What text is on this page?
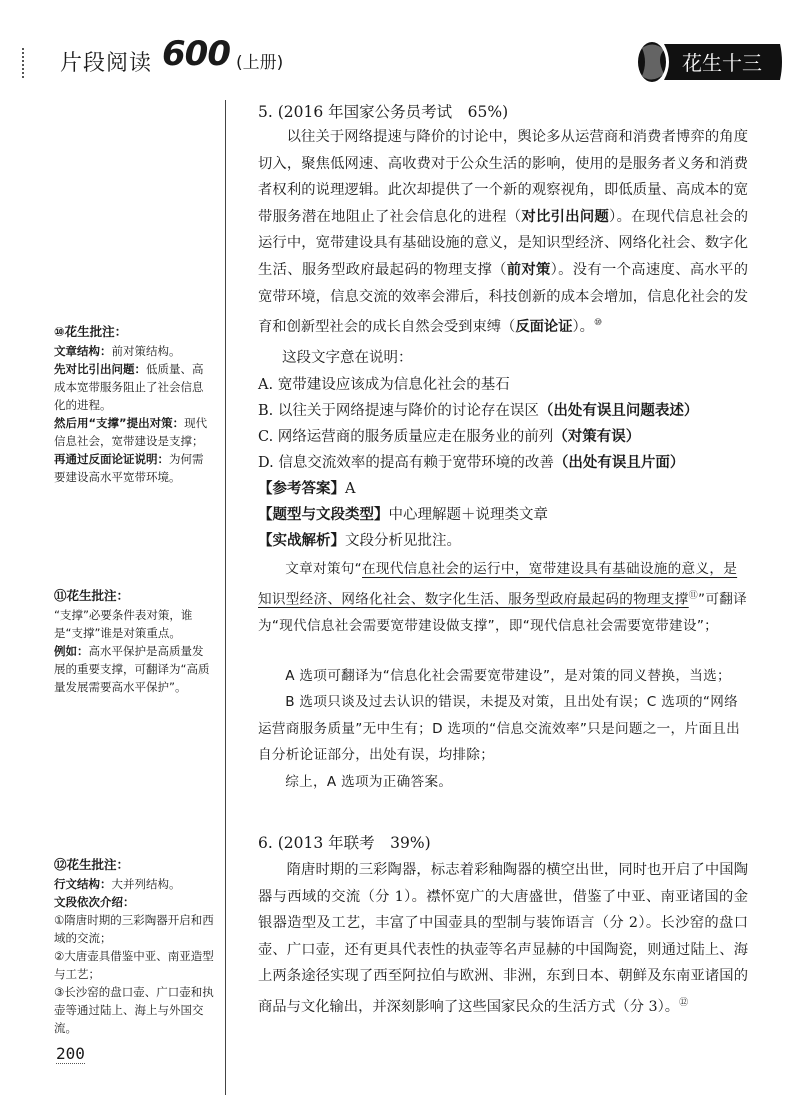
片段阅读 600 (上册)	花生十三
5. (2016 年国家公务员考试　65%)

以往关于网络提速与降价的讨论中，舆论多从运营商和消费者博弈的角度切入，聚焦低网速、高收费对于公众生活的影响，使用的是服务者义务和消费者权利的说理逻辑。此次却提供了一个新的观察视角，即低质量、高成本的宽带服务潜在地阻止了社会信息化的进程（对比引出问题）。在现代信息社会的运行中，宽带建设具有基础设施的意义，是知识型经济、网络化社会、数字化生活、服务型政府最起码的物理支撑（前对策）。没有一个高速度、高水平的宽带环境，信息交流的效率会滞后，科技创新的成本会增加，信息化社会的发育和创新型社会的成长自然会受到束缚（反面论证）。⑩

这段文字意在说明：
A. 宽带建设应该成为信息化社会的基石
B. 以往关于网络提速与降价的讨论存在误区（出处有误且问题表述）
C. 网络运营商的服务质量应走在服务业的前列（对策有误）
D. 信息交流效率的提高有赖于宽带环境的改善（出处有误且片面）
【参考答案】A
【题型与文段类型】中心理解题＋说理类文章
【实战解析】文段分析见批注。

文章对策句“在现代信息社会的运行中，宽带建设具有基础设施的意义，是知识型经济、网络化社会、数字化生活、服务型政府最起码的物理支撑⑪”可翻译为“现代信息社会需要宽带建设做支撑”，即“现代信息社会需要宽带建设”；

A 选项可翻译为“信息化社会需要宽带建设”，是对策的同义替换，当选；

B 选项只谈及过去认识的错误，未提及对策，且出处有误；C 选项的“网络运营商服务质量”无中生有；D 选项的“信息交流效率”只是问题之一，片面且出自分析论证部分，出处有误，均排除；

综上，A 选项为正确答案。

6. (2013 年联考　39%)

隋唐时期的三彩陶器，标志着彩釉陶器的横空出世，同时也开启了中国陶器与西域的交流（分 1）。襟怀宽广的大唐盛世，借鉴了中亚、南亚诸国的金银器造型及工艺，丰富了中国壶具的型制与装饰语言（分 2）。长沙窑的盘口壶、广口壶，还有更具代表性的执壶等名声显赫的中国陶瓷，则通过陆上、海上两条途径实现了西至阿拉伯与欧洲、非洲，东到日本、朝鲜及东南亚诸国的商品与文化输出，并深刻影响了这些国家民众的生活方式（分 3）。⑫

⑩花生批注：
文章结构：前对策结构。
先对比引出问题：低质量、高成本宽带服务阻止了社会信息化的进程。
然后用“支撑”提出对策：现代信息社会，宽带建设是支撑；
再通过反面论证说明：为何需要建设高水平宽带环境。
⑪花生批注：
“支撑”必要条件表对策，谁是“支撑”谁是对策重点。
例如：高水平保护是高质量发展的重要支撑，可翻译为“高质量发展需要高水平保护”。
⑫花生批注：
行文结构：大并列结构。
文段依次介绍：
①隋唐时期的三彩陶器开启和西域的交流；
②大唐壶具借鉴中亚、南亚造型与工艺；
③长沙窑的盘口壶、广口壶和执壶等通过陆上、海上与外国交流。
200
